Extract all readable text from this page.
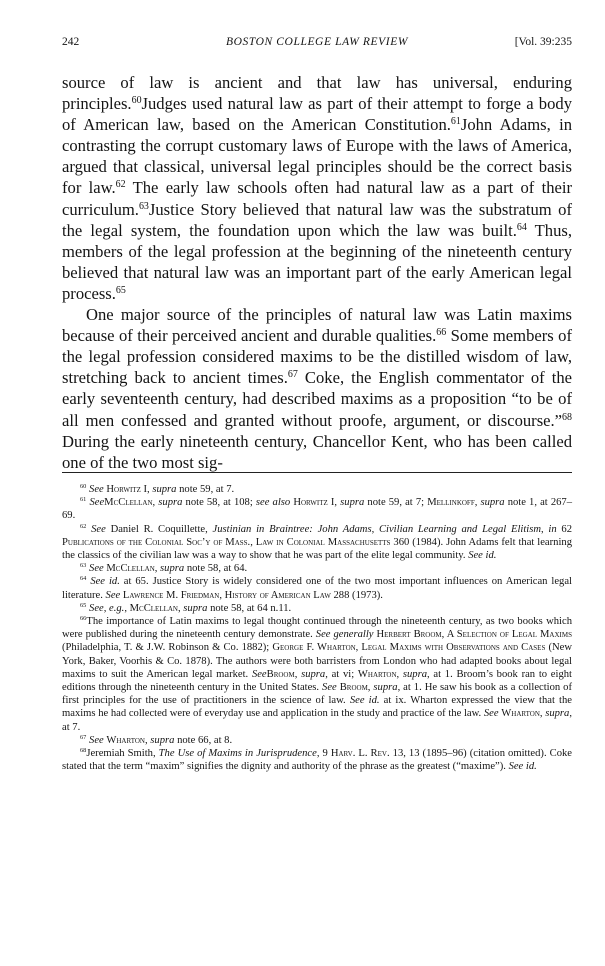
242	BOSTON COLLEGE LAW REVIEW	[Vol. 39:235

source of law is ancient and that law has universal, enduring principles.$^{60}$Judges used natural law as part of their attempt to forge a body of American law, based on the American Constitution.$^{61}$John Adams, in contrasting the corrupt customary laws of Europe with the laws of America, argued that classical, universal legal principles should be the correct basis for law.$^{62}$ The early law schools often had natural law as a part of their curriculum.$^{63}$Justice Story believed that natural law was the substratum of the legal system, the foundation upon which the law was built.$^{64}$ Thus, members of the legal profession at the beginning of the nineteenth century believed that natural law was an important part of the early American legal process.$^{65}$

One major source of the principles of natural law was Latin maxims because of their perceived ancient and durable qualities.$^{66}$ Some members of the legal profession considered maxims to be the distilled wisdom of law, stretching back to ancient times.$^{67}$ Coke, the English commentator of the early seventeenth century, had described maxims as a proposition “to be of all men confessed and granted without proofe, argument, or discourse.”$^{68}$ During the early nineteenth century, Chancellor Kent, who has been called one of the two most sig-

$^{60}$ See Horwitz I, supra note 59, at 7.

$^{61}$ SeeMcClellan, supra note 58, at 108; see also Horwitz I, supra note 59, at 7; Mellinkoff, supra note 1, at 267–69.

$^{62}$ See Daniel R. Coquillette, Justinian in Braintree: John Adams, Civilian Learning and Legal Elitism, in 62 Publications of the Colonial Soc’y of Mass., Law in Colonial Massachusetts 360 (1984). John Adams felt that learning the classics of the civilian law was a way to show that he was part of the elite legal community. See id.

$^{63}$ See McClellan, supra note 58, at 64.

$^{64}$ See id. at 65. Justice Story is widely considered one of the two most important influences on American legal literature. See Lawrence M. Friedman, History of American Law 288 (1973).

$^{65}$ See, e.g., McClellan, supra note 58, at 64 n.11.

$^{66}$The importance of Latin maxims to legal thought continued through the nineteenth century, as two books which were published during the nineteenth century demonstrate. See generally Herbert Broom, A Selection of Legal Maxims (Philadelphia, T. & J.W. Robinson & Co. 1882); George F. Wharton, Legal Maxims with Observations and Cases (New York, Baker, Voorhis & Co. 1878). The authors were both barristers from London who had adapted books about legal maxims to suit the American legal market. SeeBroom, supra, at vi; Wharton, supra, at 1. Broom’s book ran to eight editions through the nineteenth century in the United States. See Broom, supra, at 1. He saw his book as a collection of first principles for the use of practitioners in the science of law. See id. at ix. Wharton expressed the view that the maxims he had collected were of everyday use and application in the study and practice of the law. See Wharton, supra, at 7.

$^{67}$ See Wharton, supra note 66, at 8.

$^{68}$Jeremiah Smith, The Use of Maxims in Jurisprudence, 9 Harv. L. Rev. 13, 13 (1895–96) (citation omitted). Coke stated that the term “maxim” signifies the dignity and authority of the phrase as the greatest (“maxime”). See id.
